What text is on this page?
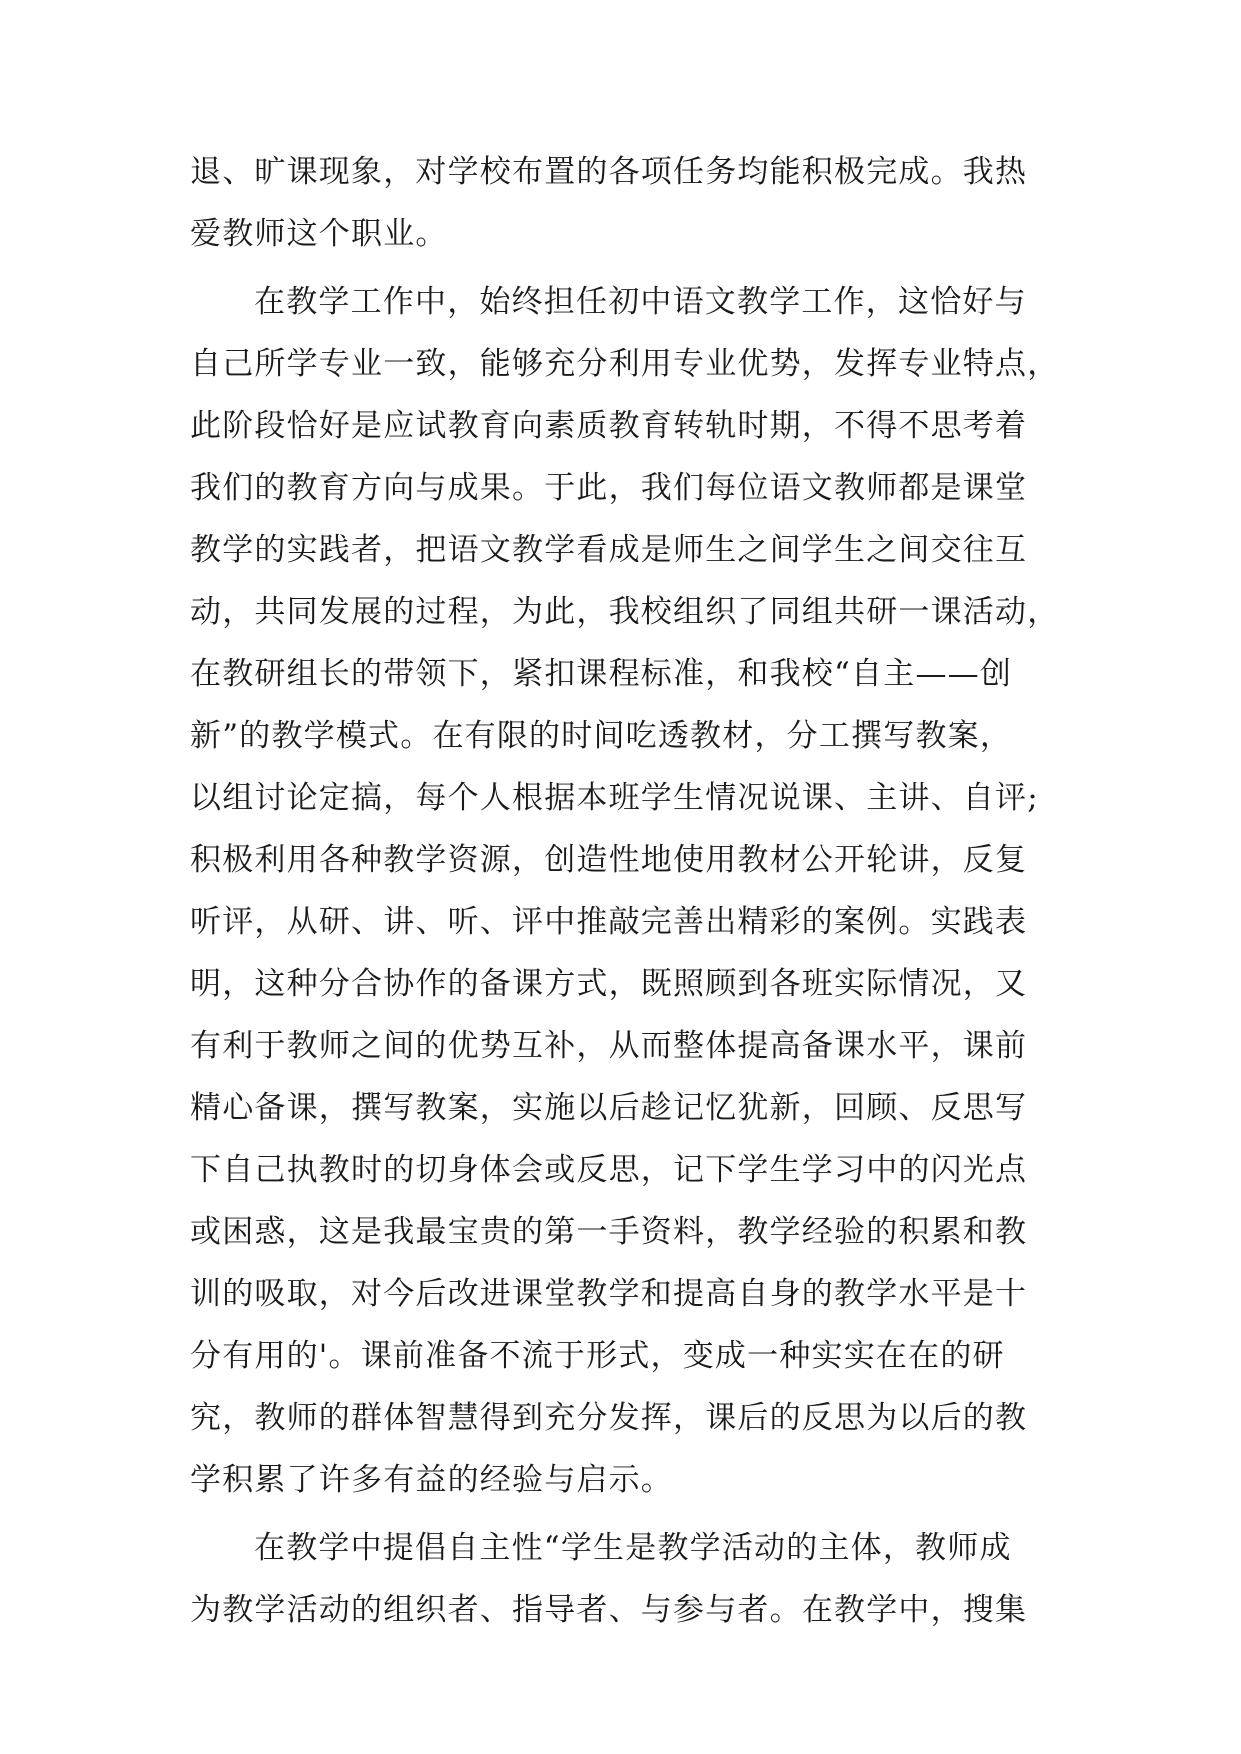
退、旷课现象，对学校布置的各项任务均能积极完成。我热

爱教师这个职业。

在教学工作中，始终担任初中语文教学工作，这恰好与

自己所学专业一致，能够充分利用专业优势，发挥专业特点，

此阶段恰好是应试教育向素质教育转轨时期，不得不思考着

我们的教育方向与成果。于此，我们每位语文教师都是课堂

教学的实践者，把语文教学看成是师生之间学生之间交往互

动，共同发展的过程，为此，我校组织了同组共研一课活动，

在教研组长的带领下，紧扣课程标准，和我校“自主——创

新”的教学模式。在有限的时间吃透教材，分工撰写教案，

以组讨论定搞，每个人根据本班学生情况说课、主讲、自评;

积极利用各种教学资源，创造性地使用教材公开轮讲，反复

听评，从研、讲、听、评中推敲完善出精彩的案例。实践表

明，这种分合协作的备课方式，既照顾到各班实际情况，又

有利于教师之间的优势互补，从而整体提高备课水平，课前

精心备课，撰写教案，实施以后趁记忆犹新，回顾、反思写

下自己执教时的切身体会或反思，记下学生学习中的闪光点

或困惑，这是我最宝贵的第一手资料，教学经验的积累和教

训的吸取，对今后改进课堂教学和提高自身的教学水平是十

分有用的'。课前准备不流于形式，变成一种实实在在的研

究，教师的群体智慧得到充分发挥，课后的反思为以后的教

学积累了许多有益的经验与启示。

在教学中提倡自主性“学生是教学活动的主体，教师成

为教学活动的组织者、指导者、与参与者。在教学中，搜集
